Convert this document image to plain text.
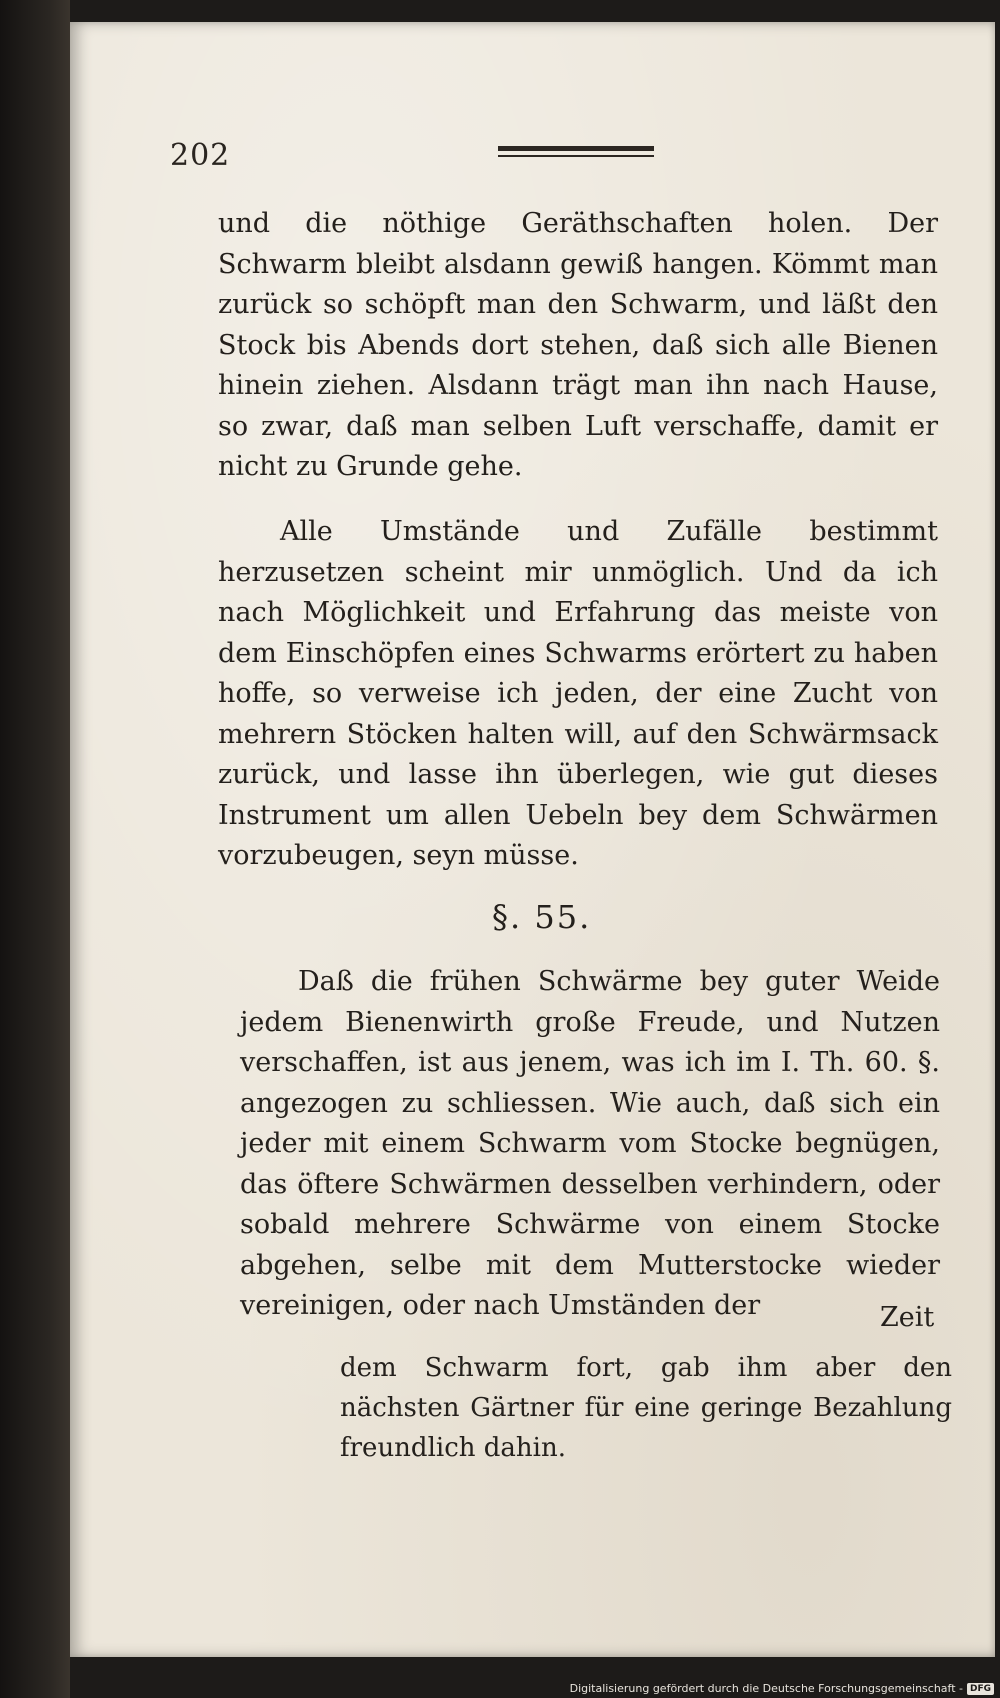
202

und die nöthige Geräthschaften holen. Der Schwarm bleibt alsdann gewiß hangen. Kömmt man zurück so schöpft man den Schwarm, und läßt den Stock bis Abends dort stehen, daß sich alle Bienen hinein ziehen. Alsdann trägt man ihn nach Hause, so zwar, daß man selben Luft verschaffe, damit er nicht zu Grunde gehe.

Alle Umstände und Zufälle bestimmt herzusetzen scheint mir unmöglich. Und da ich nach Möglichkeit und Erfahrung das meiste von dem Einschöpfen eines Schwarms erörtert zu haben hoffe, so verweise ich jeden, der eine Zucht von mehrern Stöcken halten will, auf den Schwärmsack zurück, und lasse ihn überlegen, wie gut dieses Instrument um allen Uebeln bey dem Schwärmen vorzubeugen, seyn müsse.

§. 55.

Daß die frühen Schwärme bey guter Weide jedem Bienenwirth große Freude, und Nutzen verschaffen, ist aus jenem, was ich im I. Th. 60. §. angezogen zu schliessen. Wie auch, daß sich ein jeder mit einem Schwarm vom Stocke begnügen, das öftere Schwärmen desselben verhindern, oder sobald mehrere Schwärme von einem Stocke abgehen, selbe mit dem Mutterstocke wieder vereinigen, oder nach Umständen der	Zeit
dem Schwarm fort, gab ihm aber den nächsten Gärtner für eine geringe Bezahlung freundlich dahin.
Digitalisierung gefördert durch die Deutsche Forschungsgemeinschaft - DFG
